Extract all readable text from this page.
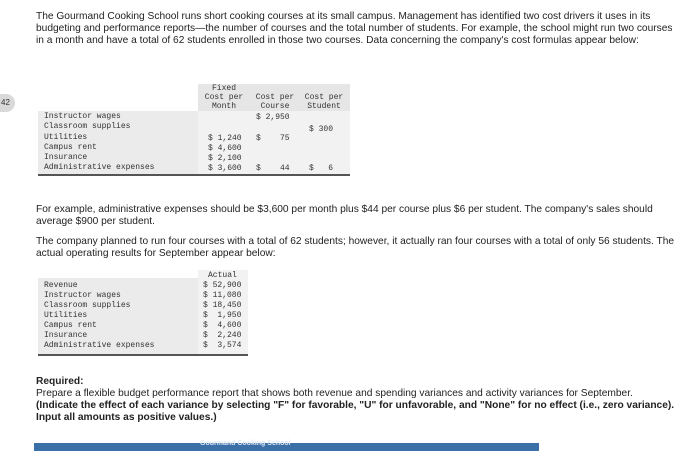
42
The Gourmand Cooking School runs short cooking courses at its small campus. Management has identified two cost drivers it uses in its budgeting and performance reports—the number of courses and the total number of students. For example, the school might run two courses in a month and have a total of 62 students enrolled in those two courses. Data concerning the company's cost formulas appear below:
Fixed
Cost per
Month
Cost per
Course
Cost per
Student
Instructor wages
Classroom supplies
Utilities
Campus rent
Insurance
Administrative expenses
$ 2,950
$ 300
$ 1,240 $    75
$ 4,600
$ 2,100
$ 3,600 $    44 $   6
For example, administrative expenses should be $3,600 per month plus $44 per course plus $6 per student. The company's sales should average $900 per student.
The company planned to run four courses with a total of 62 students; however, it actually ran four courses with a total of only 56 students. The actual operating results for September appear below:
Actual
Revenue
Instructor wages
Classroom supplies
Utilities
Campus rent
Insurance
Administrative expenses
$ 52,900
$ 11,080
$ 18,450
$  1,950
$  4,600
$  2,240
$  3,574
Required:
Prepare a flexible budget performance report that shows both revenue and spending variances and activity variances for September.
(Indicate the effect of each variance by selecting "F" for favorable, "U" for unfavorable, and "None" for no effect (i.e., zero variance). Input all amounts as positive values.)
Gourmand Cooking School
